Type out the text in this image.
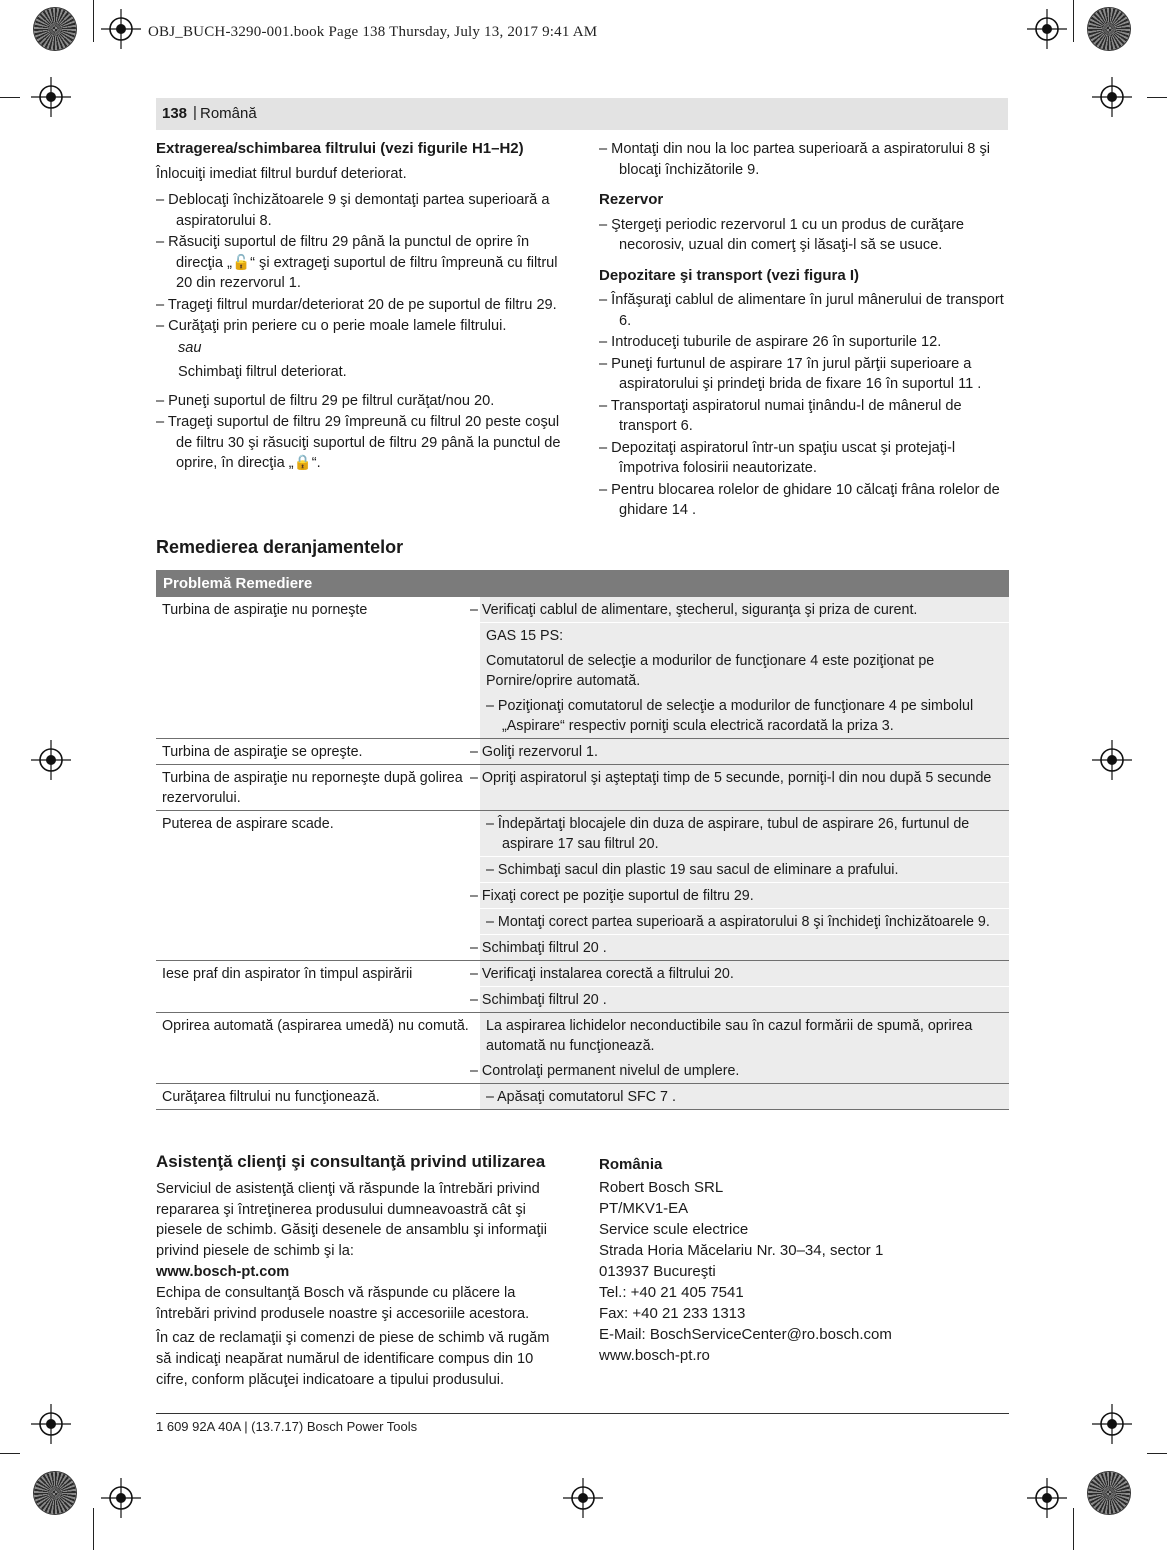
OBJ_BUCH-3290-001.book Page 138 Thursday, July 13, 2017 9:41 AM
138 | Română
Extragerea/schimbarea filtrului (vezi figurile H1–H2)

Înlocuiţi imediat filtrul burduf deteriorat.

– Deblocaţi închizătoarele 9 şi demontaţi partea superioară a aspiratorului 8.

– Răsuciţi suportul de filtru 29 până la punctul de oprire în direcţia „🔓“ şi extrageţi suportul de filtru împreună cu filtrul 20 din rezervorul 1.

– Trageţi filtrul murdar/deteriorat 20 de pe suportul de filtru 29.

– Curăţaţi prin periere cu o perie moale lamele filtrului.

sau

Schimbaţi filtrul deteriorat.

– Puneţi suportul de filtru 29 pe filtrul curăţat/nou 20.

– Trageţi suportul de filtru 29 împreună cu filtrul 20 peste coşul de filtru 30 şi răsuciţi suportul de filtru 29 până la punctul de oprire, în direcţia „🔒“.

– Montaţi din nou la loc partea superioară a aspiratorului 8 şi blocaţi închizătorile 9.

Rezervor

– Ştergeţi periodic rezervorul 1 cu un produs de curăţare necorosiv, uzual din comerţ şi lăsaţi-l să se usuce.

Depozitare şi transport (vezi figura I)

– Înfăşuraţi cablul de alimentare în jurul mânerului de transport 6.

– Introduceţi tuburile de aspirare 26 în suporturile 12.

– Puneţi furtunul de aspirare 17 în jurul părţii superioare a aspiratorului şi prindeţi brida de fixare 16 în suportul 11 .

– Transportaţi aspiratorul numai ţinându-l de mânerul de transport 6.

– Depozitaţi aspiratorul într-un spaţiu uscat şi protejaţi-l împotriva folosirii neautorizate.

– Pentru blocarea rolelor de ghidare 10 călcaţi frâna rolelor de ghidare 14 .

Remedierea deranjamentelor
Problemă Remediere	
Turbina de aspiraţie nu porneşte	– Verificaţi cablul de alimentare, ştecherul, siguranţa şi priza de curent.
	GAS 15 PS:
	Comutatorul de selecţie a modurilor de funcţionare 4 este poziţionat pe Pornire/oprire automată.
	– Poziţionaţi comutatorul de selecţie a modurilor de funcţionare 4 pe simbolul „Aspirare“ respectiv porniţi scula electrică racordată la priza 3.
Turbina de aspiraţie se opreşte.	– Goliţi rezervorul 1.
Turbina de aspiraţie nu reporneşte după golirea rezervorului.	– Opriţi aspiratorul şi aşteptaţi timp de 5 secunde, porniţi-l din nou după 5 secunde
Puterea de aspirare scade.	– Îndepărtaţi blocajele din duza de aspirare, tubul de aspirare 26, furtunul de aspirare 17 sau filtrul 20.
	– Schimbaţi sacul din plastic 19 sau sacul de eliminare a prafului.
	– Fixaţi corect pe poziţie suportul de filtru 29.
	– Montaţi corect partea superioară a aspiratorului 8 şi închideţi închizătoarele 9.
	– Schimbaţi filtrul 20 .
Iese praf din aspirator în timpul aspirării	– Verificaţi instalarea corectă a filtrului 20.
	– Schimbaţi filtrul 20 .
Oprirea automată (aspirarea umedă) nu comută.	La aspirarea lichidelor neconductibile sau în cazul formării de spumă, oprirea automată nu funcţionează.
	– Controlaţi permanent nivelul de umplere.
Curăţarea filtrului nu funcţionează.	– Apăsaţi comutatorul SFC 7 .
Asistenţă clienţi şi consultanţă privind utilizarea

Serviciul de asistenţă clienţi vă răspunde la întrebări privind repararea şi întreţinerea produsului dumneavoastră cât şi piesele de schimb. Găsiţi desenele de ansamblu şi informaţii privind piesele de schimb şi la:

www.bosch-pt.com

Echipa de consultanţă Bosch vă răspunde cu plăcere la întrebări privind produsele noastre şi accesoriile acestora.

În caz de reclamaţii şi comenzi de piese de schimb vă rugăm să indicaţi neapărat numărul de identificare compus din 10 cifre, conform plăcuţei indicatoare a tipului produsului.

România

Robert Bosch SRL

PT/MKV1-EA

Service scule electrice

Strada Horia Măcelariu Nr. 30–34, sector 1

013937 Bucureşti

Tel.: +40 21 405 7541

Fax: +40 21 233 1313

E-Mail: BoschServiceCenter@ro.bosch.com

www.bosch-pt.ro

1 609 92A 40A | (13.7.17) Bosch Power Tools
